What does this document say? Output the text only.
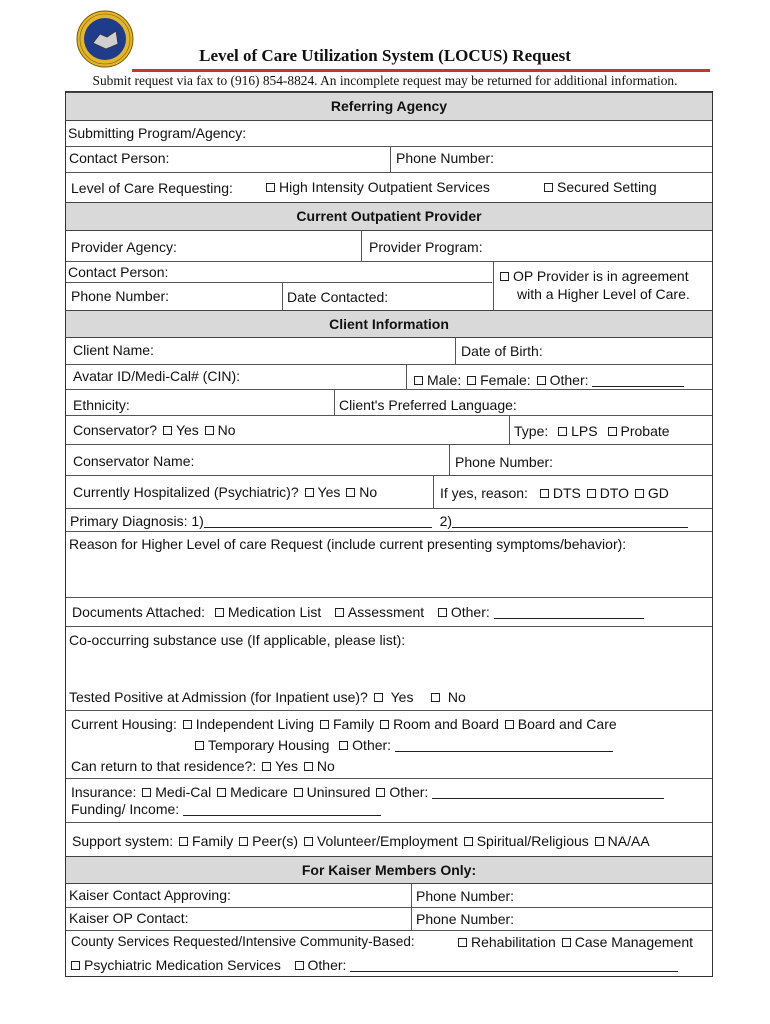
Level of Care Utilization System (LOCUS) Request
Submit request via fax to (916) 854-8824. An incomplete request may be returned for additional information.
Referring Agency
Submitting Program/Agency:
Contact Person:	Phone Number:
Level of Care Requesting:	High Intensity Outpatient Services	Secured Setting
Current Outpatient Provider
Provider Agency:	Provider Program:
Contact Person:
Phone Number:	Date Contacted:
OP Provider is in agreement
with a Higher Level of Care.
Client Information
Client Name:	Date of Birth:
Avatar ID/Medi-Cal# (CIN):	Male: Female: Other:
Ethnicity:	Client's Preferred Language:
Conservator? Yes No	Type: LPS Probate
Conservator Name:	Phone Number:
Currently Hospitalized (Psychiatric)? Yes No	If yes, reason: DTS DTO GD
Primary Diagnosis: 1)	2)
Reason for Higher Level of care Request (include current presenting symptoms/behavior):
Documents Attached: Medication List Assessment Other:
Co-occurring substance use (If applicable, please list):
Tested Positive at Admission (for Inpatient use)? Yes No
Current Housing: Independent Living Family Room and Board Board and Care
Temporary Housing Other:
Can return to that residence?: Yes No
Insurance: Medi-Cal Medicare Uninsured Other:
Funding/ Income:
Support system: Family Peer(s) Volunteer/Employment Spiritual/Religious NA/AA
For Kaiser Members Only:
Kaiser Contact Approving:	Phone Number:
Kaiser OP Contact:	Phone Number:
County Services Requested/Intensive Community-Based:	Rehabilitation Case Management
Psychiatric Medication Services Other:
